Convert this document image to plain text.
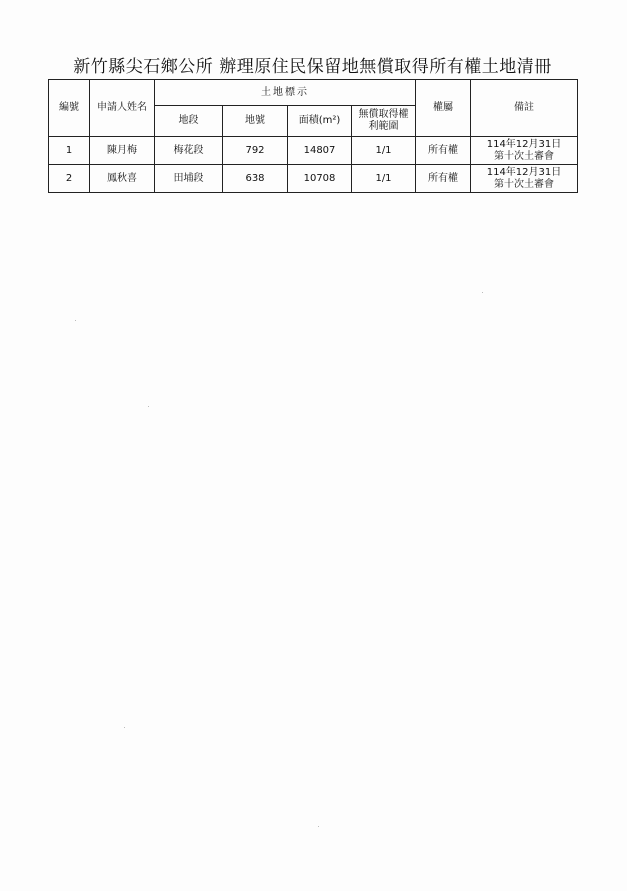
新竹縣尖石鄉公所 辦理原住民保留地無償取得所有權土地清冊
編號	申請人姓名	土地標示				權屬	備註
		地段	地號	面積(m²)	無償取得權
利範圍		

1	陳月梅	梅花段	792	14807	1/1	所有權	114年12月31日
第十次土審會

2	鳳秋喜	田埔段	638	10708	1/1	所有權	114年12月31日
第十次土審會
